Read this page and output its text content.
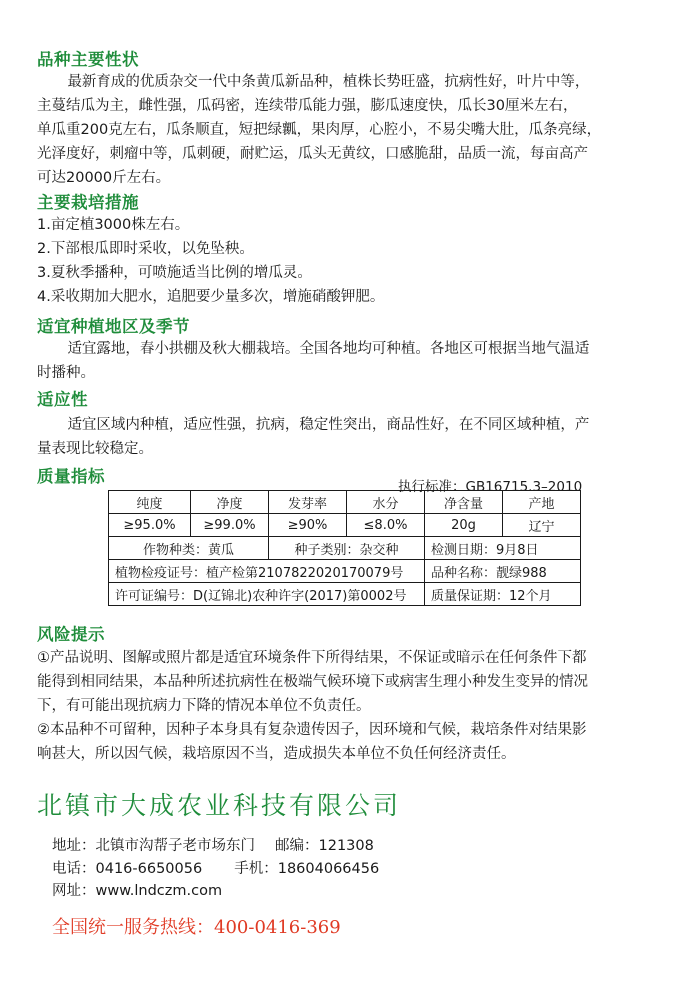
品种主要性状
最新育成的优质杂交一代中条黄瓜新品种，植株长势旺盛，抗病性好，叶片中等，
主蔓结瓜为主，雌性强，瓜码密，连续带瓜能力强，膨瓜速度快，瓜长30厘米左右，
单瓜重200克左右，瓜条顺直，短把绿瓤，果肉厚，心腔小，不易尖嘴大肚，瓜条亮绿，
光泽度好，刺瘤中等，瓜刺硬，耐贮运，瓜头无黄纹，口感脆甜，品质一流，每亩高产
可达20000斤左右。
主要栽培措施
1.亩定植3000株左右。
2.下部根瓜即时采收，以免坠秧。
3.夏秋季播种，可喷施适当比例的增瓜灵。
4.采收期加大肥水，追肥要少量多次，增施硝酸钾肥。
适宜种植地区及季节
适宜露地，春小拱棚及秋大棚栽培。全国各地均可种植。各地区可根据当地气温适
时播种。
适应性
适宜区域内种植，适应性强，抗病，稳定性突出，商品性好，在不同区域种植，产
量表现比较稳定。
质量指标
执行标准：GB16715.3–2010
纯度	净度	发芽率	水分	净含量	产地
≥95.0%	≥99.0%	≥90%	≤8.0%	20g	辽宁
作物种类：黄瓜		种子类别：杂交种		检测日期：9月8日	
植物检疫证号：植产检第2107822020170079号				品种名称：靓绿988	
许可证编号：D(辽锦北)农种许字(2017)第0002号				质量保证期：12个月	
风险提示
①产品说明、图解或照片都是适宜环境条件下所得结果，不保证或暗示在任何条件下都
能得到相同结果，本品种所述抗病性在极端气候环境下或病害生理小种发生变异的情况
下，有可能出现抗病力下降的情况本单位不负责任。
②本品种不可留种，因种子本身具有复杂遗传因子，因环境和气候，栽培条件对结果影
响甚大，所以因气候，栽培原因不当，造成损失本单位不负任何经济责任。
北镇市大成农业科技有限公司
地址：北镇市沟帮子老市场东门 邮编：121308
电话：0416-6650056 手机：18604066456
网址：www.lndczm.com
全国统一服务热线：400-0416-369
